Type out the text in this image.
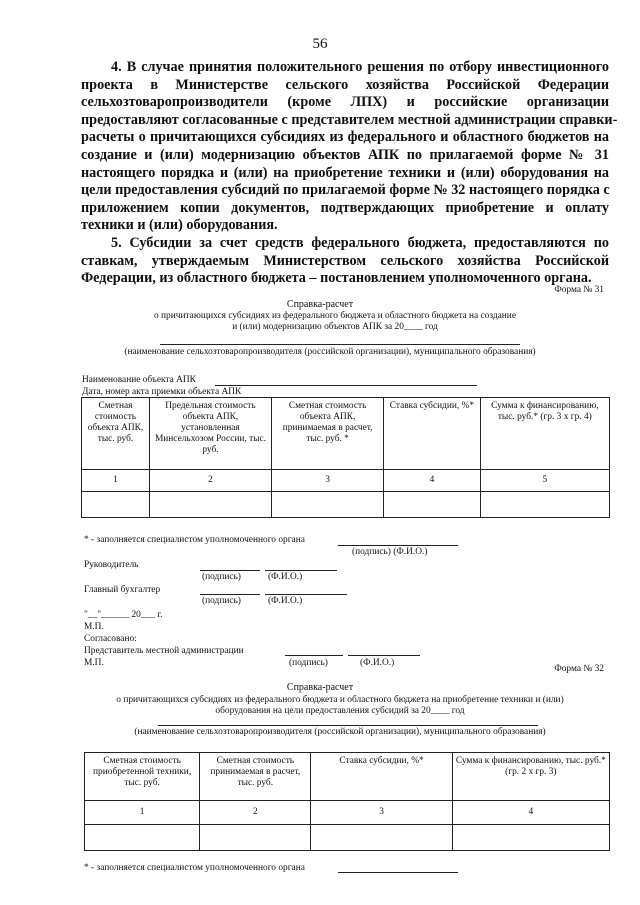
56
4. В случае принятия положительного решения по отбору инвестиционного
проекта в Министерстве сельского хозяйства Российской Федерации
сельхозтоваропроизводители (кроме ЛПХ) и российские организации
предоставляют согласованные с представителем местной администрации справки-
расчеты о причитающихся субсидиях из федерального и областного бюджетов на
создание и (или) модернизацию объектов АПК по прилагаемой форме № 31
настоящего порядка и (или) на приобретение техники и (или) оборудования на
цели предоставления субсидий по прилагаемой форме № 32 настоящего порядка с
приложением копии документов, подтверждающих приобретение и оплату
техники и (или) оборудования.
5. Субсидии за счет средств федерального бюджета, предоставляются по
ставкам, утверждаемым Министерством сельского хозяйства Российской
Федерации, из областного бюджета – постановлением уполномоченного органа.
Форма № 31
Справка-расчет
о причитающихся субсидиях из федерального бюджета и областного бюджета на создание
и (или) модернизацию объектов АПК за 20____ год
(наименование сельхозтоваропроизводителя (российской организации), муниципального образования)
Наименование объекта АПК
Дата, номер акта приемки объекта АПК
Сметная стоимость объекта АПК, тыс. руб.	Предельная стоимость объекта АПК, установленная Минсельхозом России, тыс. руб.	Сметная стоимость объекта АПК, принимаемая в расчет, тыс. руб. *	Ставка субсидии, %*	Сумма к финансированию, тыс. руб.* (гр. 3 х гр. 4)
1	2	3	4	5

* - заполняется специалистом уполномоченного органа
(подпись) (Ф.И.О.)
Руководитель
(подпись)	(Ф.И.О.)
Главный бухгалтер
(подпись)	(Ф.И.О.)
"__"______ 20___ г.
М.П.
Согласовано:
Представитель местной администрации
М.П.	(подпись)	(Ф.И.О.)
Форма № 32
Справка-расчет
о причитающихся субсидиях из федерального бюджета и областного бюджета на приобретение техники и (или)
оборудования на цели предоставления субсидий за 20____ год
(наименование сельхозтоваропроизводителя (российской организации), муниципального образования)
Сметная стоимость приобретенной техники, тыс. руб.	Сметная стоимость принимаемая в расчет, тыс. руб.	Ставка субсидии, %*	Сумма к финансированию, тыс. руб.* (гр. 2 х гр. 3)
1	2	3	4

* - заполняется специалистом уполномоченного органа
